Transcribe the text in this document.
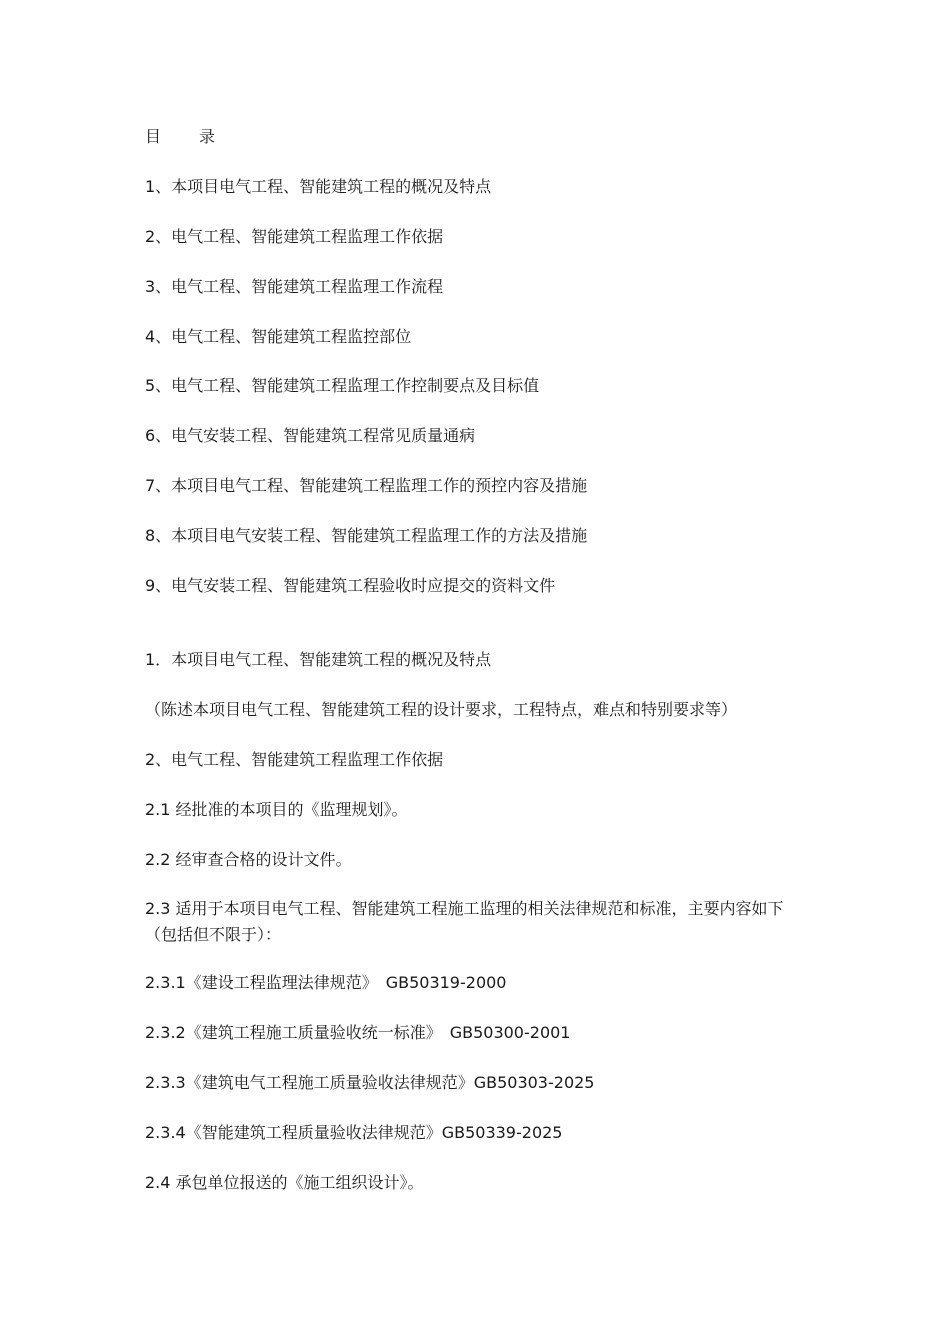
目 录
1、本项目电气工程、智能建筑工程的概况及特点
2、电气工程、智能建筑工程监理工作依据
3、电气工程、智能建筑工程监理工作流程
4、电气工程、智能建筑工程监控部位
5、电气工程、智能建筑工程监理工作控制要点及目标值
6、电气安装工程、智能建筑工程常见质量通病
7、本项目电气工程、智能建筑工程监理工作的预控内容及措施
8、本项目电气安装工程、智能建筑工程监理工作的方法及措施
9、电气安装工程、智能建筑工程验收时应提交的资料文件
1．本项目电气工程、智能建筑工程的概况及特点
（陈述本项目电气工程、智能建筑工程的设计要求，工程特点，难点和特别要求等）
2、电气工程、智能建筑工程监理工作依据
2.1 经批准的本项目的《监理规划》。
2.2 经审查合格的设计文件。
2.3 适用于本项目电气工程、智能建筑工程施工监理的相关法律规范和标准，主要内容如下（包括但不限于）：
2.3.1《建设工程监理法律规范》　GB50319-2000
2.3.2《建筑工程施工质量验收统一标准》　GB50300-2001
2.3.3《建筑电气工程施工质量验收法律规范》GB50303-2025
2.3.4《智能建筑工程质量验收法律规范》GB50339-2025
2.4 承包单位报送的《施工组织设计》。
